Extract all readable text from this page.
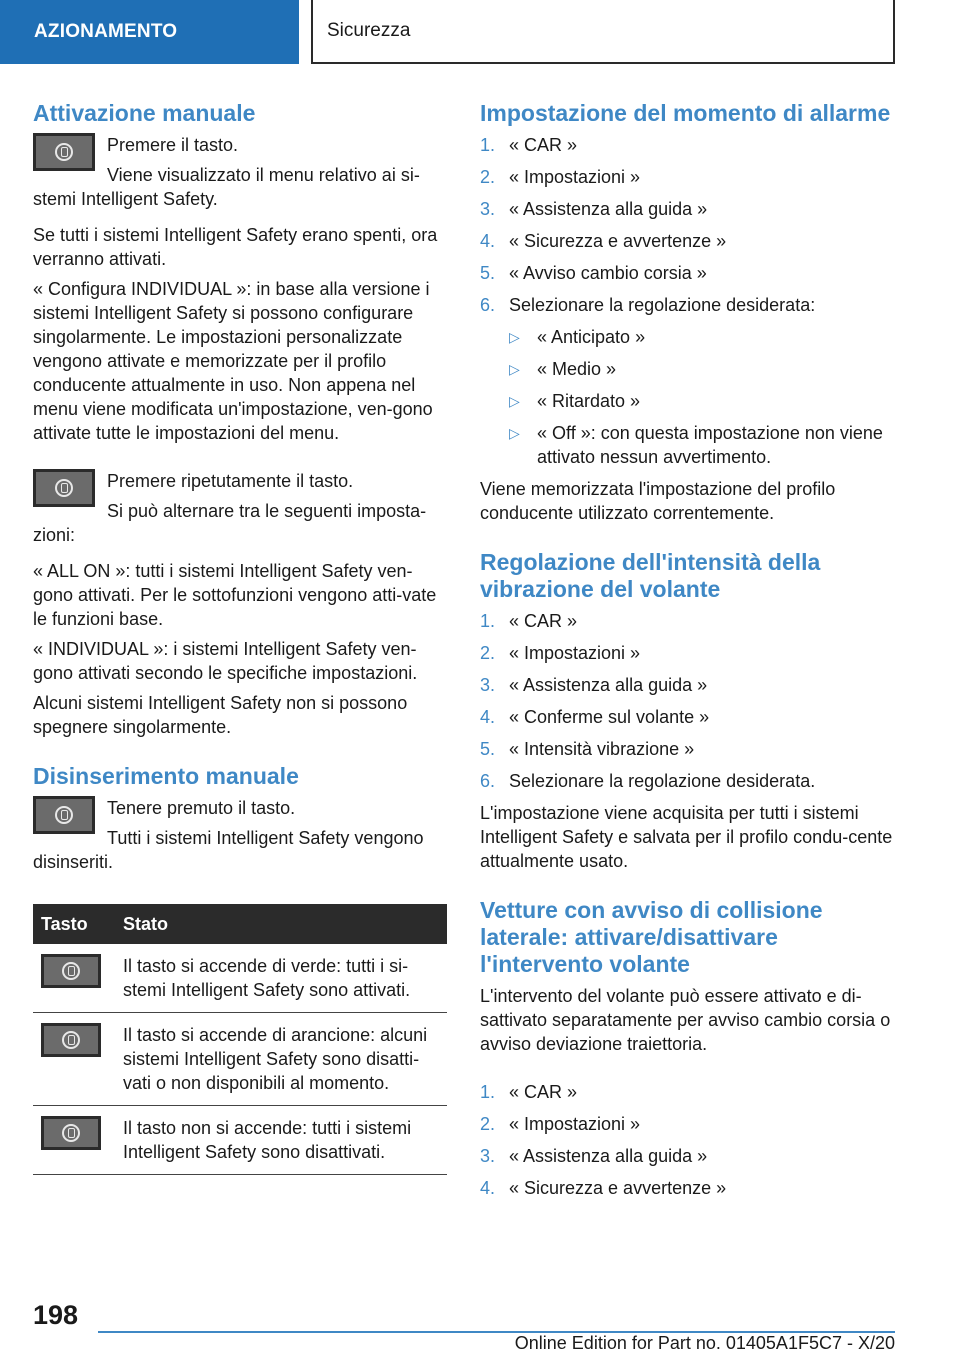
AZIONAMENTO	Sicurezza
Attivazione manuale

Premere il tasto.

Viene visualizzato il menu relativo ai si-stemi Intelligent Safety.

Se tutti i sistemi Intelligent Safety erano spenti, ora verranno attivati.

« Configura INDIVIDUAL »: in base alla versione i sistemi Intelligent Safety si possono configurare singolarmente. Le impostazioni personalizzate vengono attivate e memorizzate per il profilo conducente attualmente in uso. Non appena nel menu viene modificata un'impostazione, ven-gono attivate tutte le impostazioni del menu.

Premere ripetutamente il tasto.

Si può alternare tra le seguenti imposta-zioni:

« ALL ON »: tutti i sistemi Intelligent Safety ven-gono attivati. Per le sottofunzioni vengono atti-vate le funzioni base.

« INDIVIDUAL »: i sistemi Intelligent Safety ven-gono attivati secondo le specifiche impostazioni.

Alcuni sistemi Intelligent Safety non si possono spegnere singolarmente.

Disinserimento manuale

Tenere premuto il tasto.

Tutti i sistemi Intelligent Safety vengono disinseriti.

Tasto	Stato

	Il tasto si accende di verde: tutti i si-stemi Intelligent Safety sono attivati.

	Il tasto si accende di arancione: alcuni sistemi Intelligent Safety sono disatti-vati o non disponibili al momento.

	Il tasto non si accende: tutti i sistemi Intelligent Safety sono disattivati.
Impostazione del momento di allarme
1. « CAR »
2. « Impostazioni »
3. « Assistenza alla guida »
4. « Sicurezza e avvertenze »
5. « Avviso cambio corsia »
6. Selezionare la regolazione desiderata:
▷ « Anticipato »
▷ « Medio »
▷ « Ritardato »
▷ « Off »: con questa impostazione non viene attivato nessun avvertimento.

Viene memorizzata l'impostazione del profilo conducente utilizzato correntemente.

Regolazione dell'intensità della vibrazione del volante
1. « CAR »
2. « Impostazioni »
3. « Assistenza alla guida »
4. « Conferme sul volante »
5. « Intensità vibrazione »
6. Selezionare la regolazione desiderata.

L'impostazione viene acquisita per tutti i sistemi Intelligent Safety e salvata per il profilo condu-cente attualmente usato.

Vetture con avviso di collisione laterale: attivare/disattivare l'intervento volante

L'intervento del volante può essere attivato e di-sattivato separatamente per avviso cambio corsia o avviso deviazione traiettoria.

1. « CAR »
2. « Impostazioni »
3. « Assistenza alla guida »
4. « Sicurezza e avvertenze »
198
Online Edition for Part no. 01405A1F5C7 - X/20
